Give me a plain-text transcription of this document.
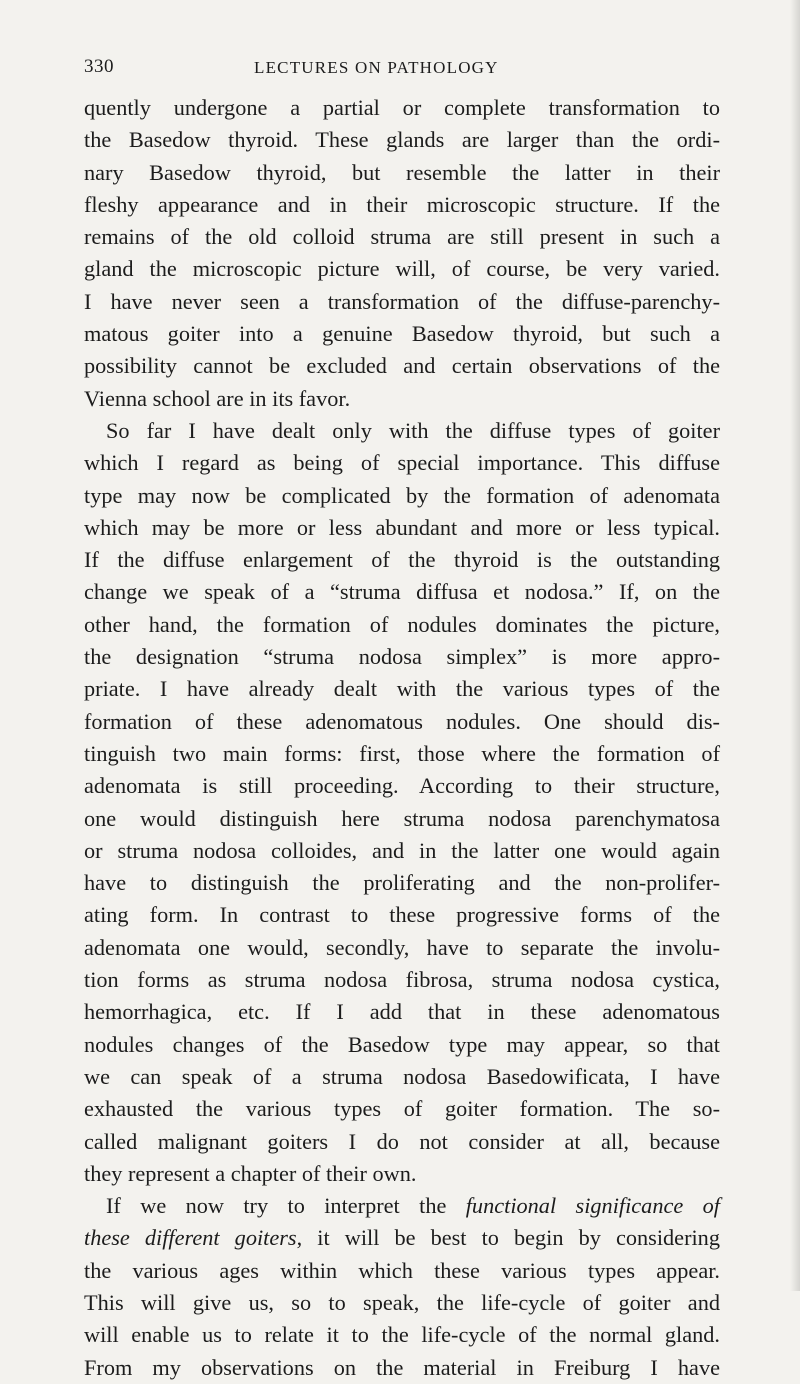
330	LECTURES ON PATHOLOGY
quently undergone a partial or complete transformation to
the Basedow thyroid. These glands are larger than the ordi-
nary Basedow thyroid, but resemble the latter in their
fleshy appearance and in their microscopic structure. If the
remains of the old colloid struma are still present in such a
gland the microscopic picture will, of course, be very varied.
I have never seen a transformation of the diffuse-parenchy-
matous goiter into a genuine Basedow thyroid, but such a
possibility cannot be excluded and certain observations of the
Vienna school are in its favor.
So far I have dealt only with the diffuse types of goiter
which I regard as being of special importance. This diffuse
type may now be complicated by the formation of adenomata
which may be more or less abundant and more or less typical.
If the diffuse enlargement of the thyroid is the outstanding
change we speak of a “struma diffusa et nodosa.” If, on the
other hand, the formation of nodules dominates the picture,
the designation “struma nodosa simplex” is more appro-
priate. I have already dealt with the various types of the
formation of these adenomatous nodules. One should dis-
tinguish two main forms: first, those where the formation of
adenomata is still proceeding. According to their structure,
one would distinguish here struma nodosa parenchymatosa
or struma nodosa colloides, and in the latter one would again
have to distinguish the proliferating and the non-prolifer-
ating form. In contrast to these progressive forms of the
adenomata one would, secondly, have to separate the involu-
tion forms as struma nodosa fibrosa, struma nodosa cystica,
hemorrhagica, etc. If I add that in these adenomatous
nodules changes of the Basedow type may appear, so that
we can speak of a struma nodosa Basedowificata, I have
exhausted the various types of goiter formation. The so-
called malignant goiters I do not consider at all, because
they represent a chapter of their own.
If we now try to interpret the functional significance of
these different goiters, it will be best to begin by considering
the various ages within which these various types appear.
This will give us, so to speak, the life-cycle of goiter and
will enable us to relate it to the life-cycle of the normal gland.
From my observations on the material in Freiburg I have
